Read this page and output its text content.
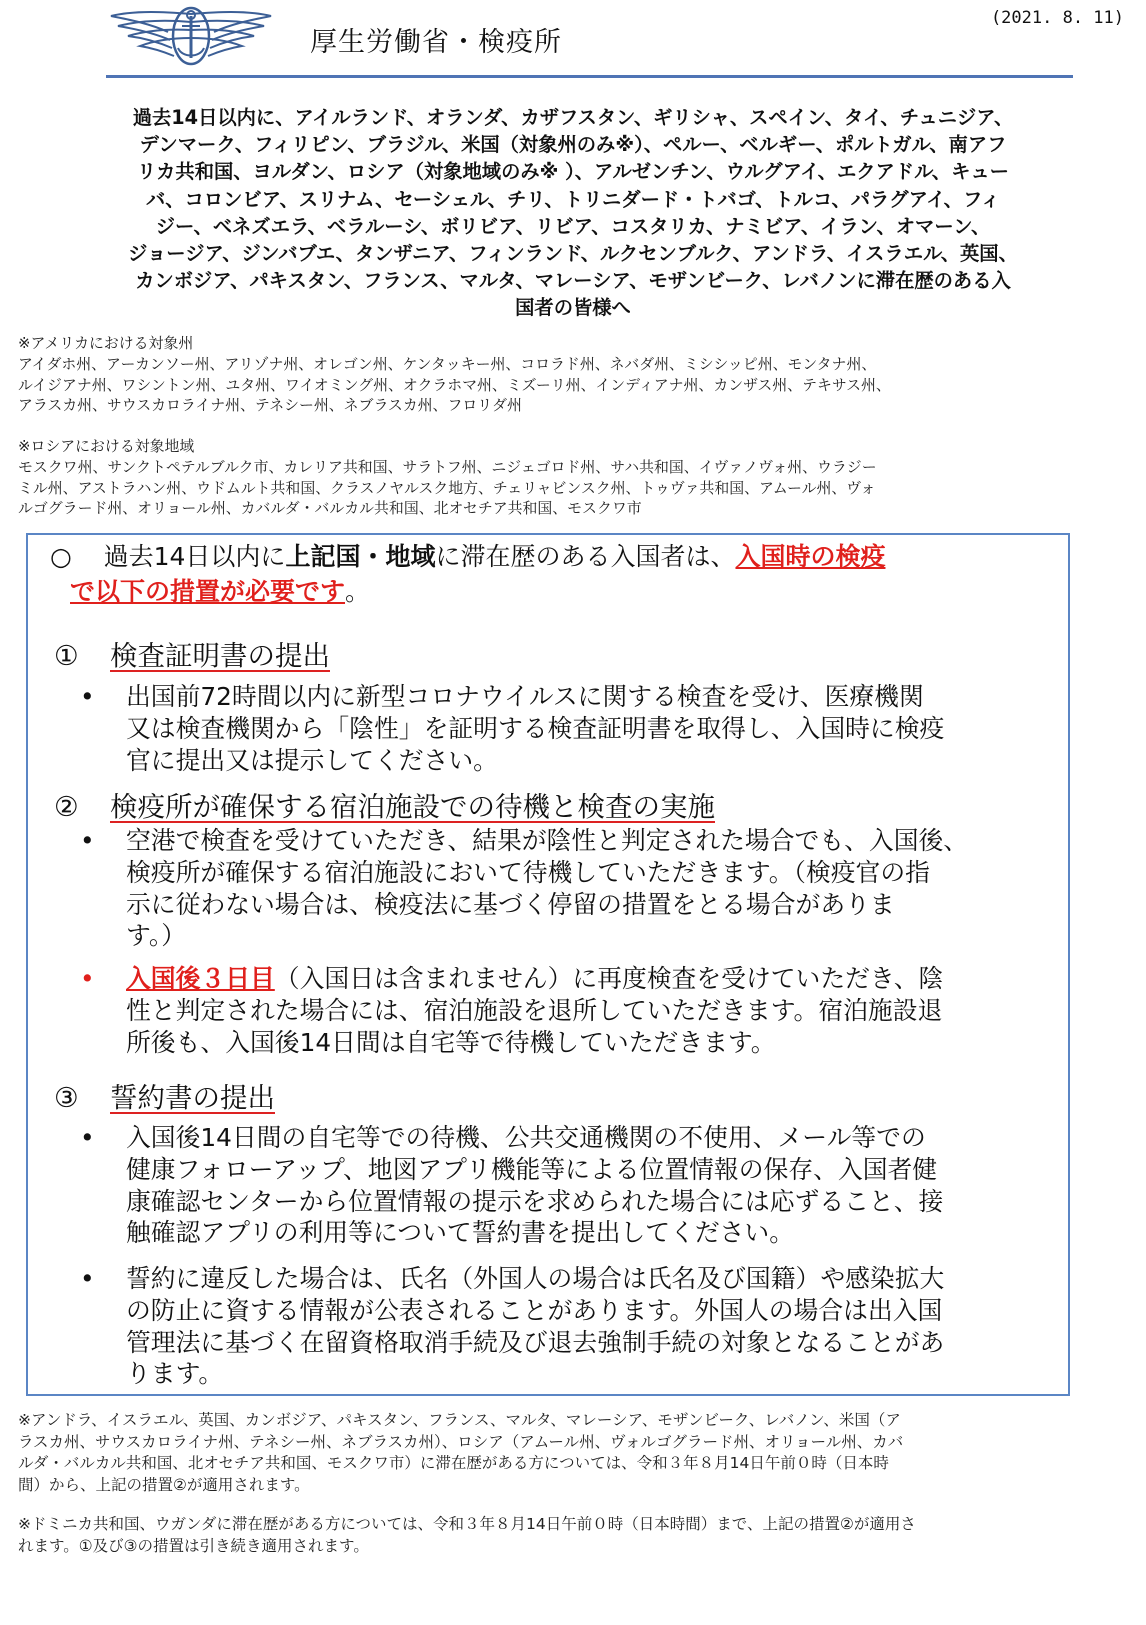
厚生労働省・検疫所
(2021. 8. 11)
過去14日以内に、アイルランド、オランダ、カザフスタン、ギリシャ、スペイン、タイ、チュニジア、
デンマーク、フィリピン、ブラジル、米国（対象州のみ※）、ペルー、ベルギー、ポルトガル、南アフ
リカ共和国、ヨルダン、ロシア（対象地域のみ※ ）、アルゼンチン、ウルグアイ、エクアドル、キュー
バ、コロンビア、スリナム、セーシェル、チリ、トリニダード・トバゴ、トルコ、パラグアイ、フィ
ジー、ベネズエラ、ベラルーシ、ボリビア、リビア、コスタリカ、ナミビア、イラン、オマーン、
ジョージア、ジンバブエ、タンザニア、フィンランド、ルクセンブルク、アンドラ、イスラエル、英国、
カンボジア、パキスタン、フランス、マルタ、マレーシア、モザンビーク、レバノンに滞在歴のある入
国者の皆様へ
※アメリカにおける対象州
アイダホ州、アーカンソー州、アリゾナ州、オレゴン州、ケンタッキー州、コロラド州、ネバダ州、ミシシッピ州、モンタナ州、
ルイジアナ州、ワシントン州、ユタ州、ワイオミング州、オクラホマ州、ミズーリ州、インディアナ州、カンザス州、テキサス州、
アラスカ州、サウスカロライナ州、テネシー州、ネブラスカ州、フロリダ州
※ロシアにおける対象地域
モスクワ州、サンクトペテルブルク市、カレリア共和国、サラトフ州、ニジェゴロド州、サハ共和国、イヴァノヴォ州、ウラジー
ミル州、アストラハン州、ウドムルト共和国、クラスノヤルスク地方、チェリャビンスク州、トゥヴァ共和国、アムール州、ヴォ
ルゴグラード州、オリョール州、カバルダ・バルカル共和国、北オセチア共和国、モスクワ市
○ 過去14日以内に上記国・地域に滞在歴のある入国者は、入国時の検疫
で以下の措置が必要です。
① 検査証明書の提出
•	出国前72時間以内に新型コロナウイルスに関する検査を受け、医療機関
又は検査機関から「陰性」を証明する検査証明書を取得し、入国時に検疫
官に提出又は提示してください。
② 検疫所が確保する宿泊施設での待機と検査の実施
•	空港で検査を受けていただき、結果が陰性と判定された場合でも、入国後、
検疫所が確保する宿泊施設において待機していただきます。（検疫官の指
示に従わない場合は、検疫法に基づく停留の措置をとる場合がありま
す。）
•	入国後３日目（入国日は含まれません）に再度検査を受けていただき、陰
性と判定された場合には、宿泊施設を退所していただきます。宿泊施設退
所後も、入国後14日間は自宅等で待機していただきます。
③ 誓約書の提出
•	入国後14日間の自宅等での待機、公共交通機関の不使用、メール等での
健康フォローアップ、地図アプリ機能等による位置情報の保存、入国者健
康確認センターから位置情報の提示を求められた場合には応ずること、接
触確認アプリの利用等について誓約書を提出してください。
•	誓約に違反した場合は、氏名（外国人の場合は氏名及び国籍）や感染拡大
の防止に資する情報が公表されることがあります。外国人の場合は出入国
管理法に基づく在留資格取消手続及び退去強制手続の対象となることがあ
ります。
※アンドラ、イスラエル、英国、カンボジア、パキスタン、フランス、マルタ、マレーシア、モザンビーク、レバノン、米国（ア
ラスカ州、サウスカロライナ州、テネシー州、ネブラスカ州）、ロシア（アムール州、ヴォルゴグラード州、オリョール州、カバ
ルダ・バルカル共和国、北オセチア共和国、モスクワ市）に滞在歴がある方については、令和３年８月14日午前０時（日本時
間）から、上記の措置②が適用されます。
※ドミニカ共和国、ウガンダに滞在歴がある方については、令和３年８月14日午前０時（日本時間）まで、上記の措置②が適用さ
れます。①及び③の措置は引き続き適用されます。
